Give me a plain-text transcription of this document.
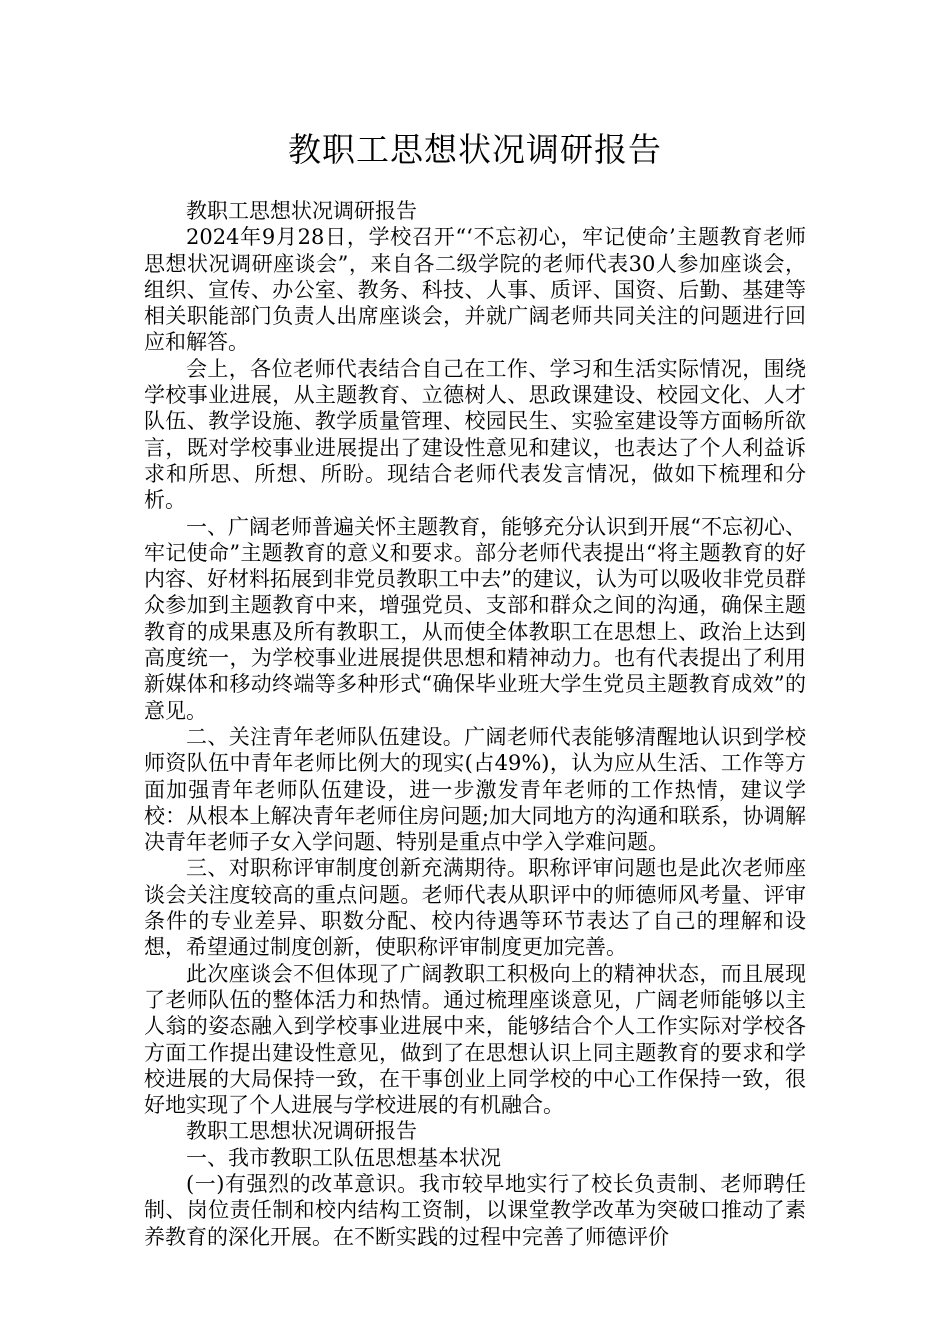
教职工思想状况调研报告

教职工思想状况调研报告

2024年9月28日，学校召开“‘不忘初心，牢记使命’主题教育老师思想状况调研座谈会”，来自各二级学院的老师代表30人参加座谈会，组织、宣传、办公室、教务、科技、人事、质评、国资、后勤、基建等相关职能部门负责人出席座谈会，并就广阔老师共同关注的问题进行回应和解答。

会上，各位老师代表结合自己在工作、学习和生活实际情况，围绕学校事业进展，从主题教育、立德树人、思政课建设、校园文化、人才队伍、教学设施、教学质量管理、校园民生、实验室建设等方面畅所欲言，既对学校事业进展提出了建设性意见和建议，也表达了个人利益诉求和所思、所想、所盼。现结合老师代表发言情况，做如下梳理和分析。

一、广阔老师普遍关怀主题教育，能够充分认识到开展“不忘初心、牢记使命”主题教育的意义和要求。部分老师代表提出“将主题教育的好内容、好材料拓展到非党员教职工中去”的建议，认为可以吸收非党员群众参加到主题教育中来，增强党员、支部和群众之间的沟通，确保主题教育的成果惠及所有教职工，从而使全体教职工在思想上、政治上达到高度统一，为学校事业进展提供思想和精神动力。也有代表提出了利用新媒体和移动终端等多种形式“确保毕业班大学生党员主题教育成效”的意见。

二、关注青年老师队伍建设。广阔老师代表能够清醒地认识到学校师资队伍中青年老师比例大的现实(占49%)，认为应从生活、工作等方面加强青年老师队伍建设，进一步激发青年老师的工作热情，建议学校：从根本上解决青年老师住房问题;加大同地方的沟通和联系，协调解决青年老师子女入学问题、特别是重点中学入学难问题。

三、对职称评审制度创新充满期待。职称评审问题也是此次老师座谈会关注度较高的重点问题。老师代表从职评中的师德师风考量、评审条件的专业差异、职数分配、校内待遇等环节表达了自己的理解和设想，希望通过制度创新，使职称评审制度更加完善。

此次座谈会不但体现了广阔教职工积极向上的精神状态，而且展现了老师队伍的整体活力和热情。通过梳理座谈意见，广阔老师能够以主人翁的姿态融入到学校事业进展中来，能够结合个人工作实际对学校各方面工作提出建设性意见，做到了在思想认识上同主题教育的要求和学校进展的大局保持一致，在干事创业上同学校的中心工作保持一致，很好地实现了个人进展与学校进展的有机融合。

教职工思想状况调研报告

一、我市教职工队伍思想基本状况

(一)有强烈的改革意识。我市较早地实行了校长负责制、老师聘任制、岗位责任制和校内结构工资制，以课堂教学改革为突破口推动了素养教育的深化开展。在不断实践的过程中完善了师德评价
